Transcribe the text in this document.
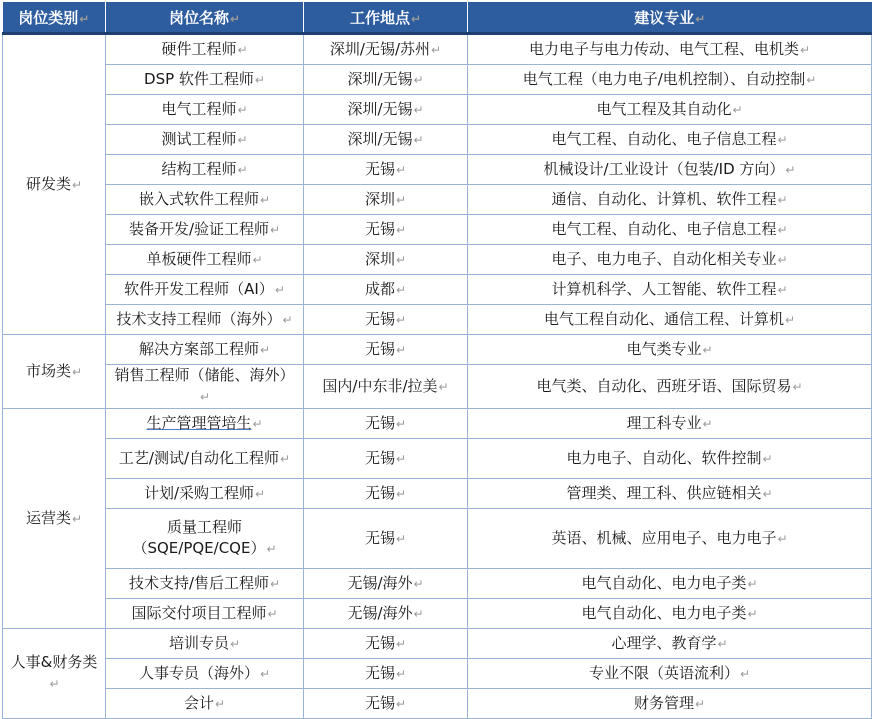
岗位类别↵	岗位名称↵	工作地点↵	建议专业↵
研发类↵	硬件工程师↵	深圳/无锡/苏州↵	电力电子与电力传动、电气工程、电机类↵
	DSP 软件工程师↵	深圳/无锡↵	电气工程（电力电子/电机控制）、自动控制↵
	电气工程师↵	深圳/无锡↵	电气工程及其自动化↵
	测试工程师↵	深圳/无锡↵	电气工程、自动化、电子信息工程↵
	结构工程师↵	无锡↵	机械设计/工业设计（包装/ID 方向）↵
	嵌入式软件工程师↵	深圳↵	通信、自动化、计算机、软件工程↵
	装备开发/验证工程师↵	无锡↵	电气工程、自动化、电子信息工程↵
	单板硬件工程师↵	深圳↵	电子、电力电子、自动化相关专业↵
	软件开发工程师（AI）↵	成都↵	计算机科学、人工智能、软件工程↵
	技术支持工程师（海外）↵	无锡↵	电气工程自动化、通信工程、计算机↵
市场类↵	解决方案部工程师↵	无锡↵	电气类专业↵
	销售工程师（储能、海外）↵	国内/中东非/拉美↵	电气类、自动化、西班牙语、国际贸易↵
运营类↵	生产管理管培生↵	无锡↵	理工科专业↵
	工艺/测试/自动化工程师↵	无锡↵	电力电子、自动化、软件控制↵
	计划/采购工程师↵	无锡↵	管理类、理工科、供应链相关↵

	质量工程师
（SQE/PQE/CQE）↵	无锡↵	英语、机械、应用电子、电力电子↵
	技术支持/售后工程师↵	无锡/海外↵	电气自动化、电力电子类↵
	国际交付项目工程师↵	无锡/海外↵	电气自动化、电力电子类↵
人事&财务类↵	培训专员↵	无锡↵	心理学、教育学↵
	人事专员（海外）↵	无锡↵	专业不限（英语流利）↵
	会计↵	无锡↵	财务管理↵
